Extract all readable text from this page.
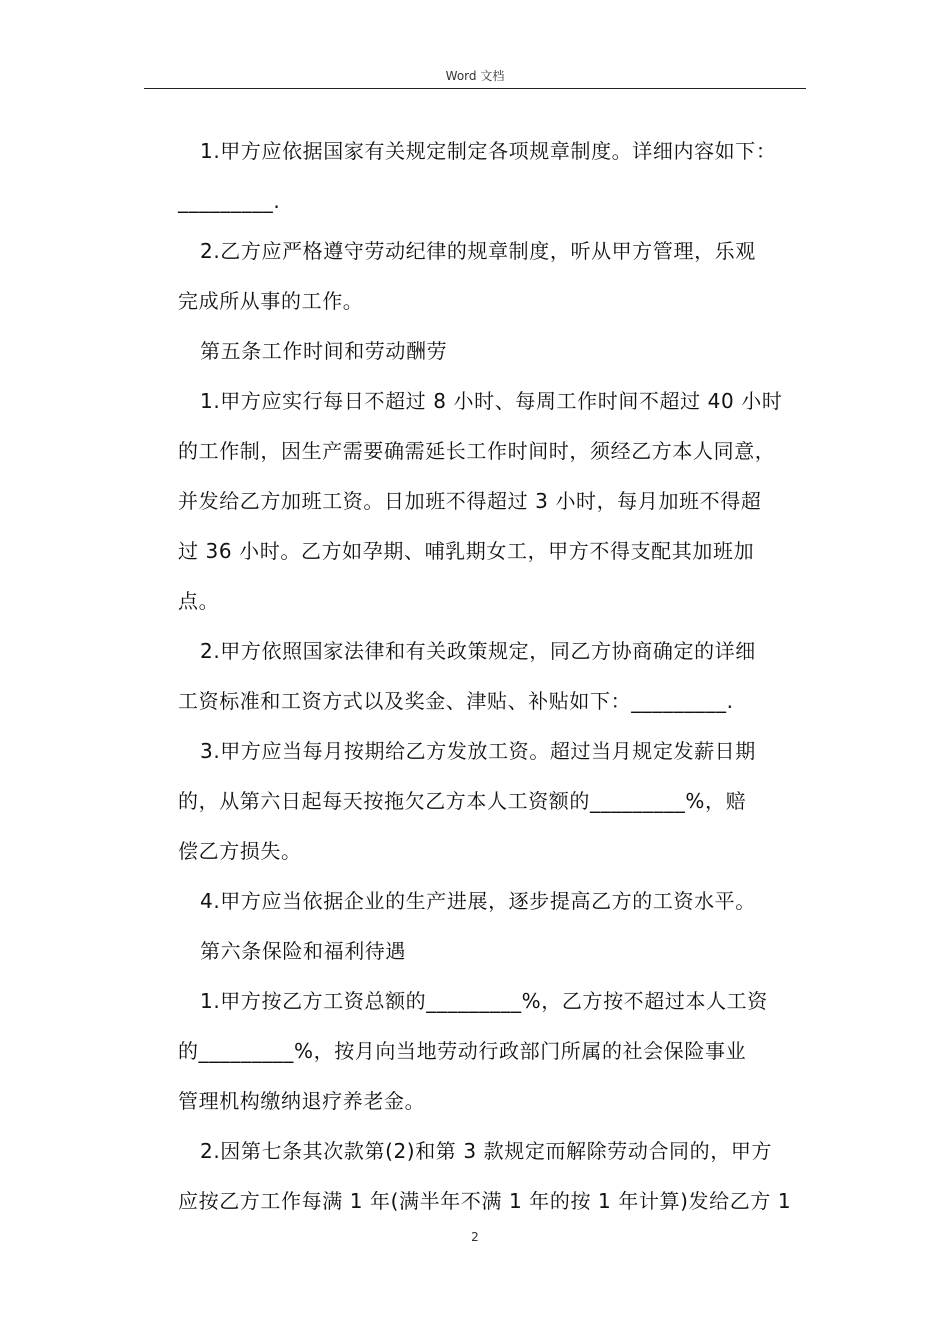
Word 文档
1.甲方应依据国家有关规定制定各项规章制度。详细内容如下：
_________.
2.乙方应严格遵守劳动纪律的规章制度，听从甲方管理，乐观
完成所从事的工作。
第五条工作时间和劳动酬劳
1.甲方应实行每日不超过 8 小时、每周工作时间不超过 40 小时
的工作制，因生产需要确需延长工作时间时，须经乙方本人同意，
并发给乙方加班工资。日加班不得超过 3 小时，每月加班不得超
过 36 小时。乙方如孕期、哺乳期女工，甲方不得支配其加班加
点。
2.甲方依照国家法律和有关政策规定，同乙方协商确定的详细
工资标准和工资方式以及奖金、津贴、补贴如下：_________.
3.甲方应当每月按期给乙方发放工资。超过当月规定发薪日期
的，从第六日起每天按拖欠乙方本人工资额的_________%，赔
偿乙方损失。
4.甲方应当依据企业的生产进展，逐步提高乙方的工资水平。
第六条保险和福利待遇
1.甲方按乙方工资总额的_________%，乙方按不超过本人工资
的_________%，按月向当地劳动行政部门所属的社会保险事业
管理机构缴纳退疗养老金。
2.因第七条其次款第(2)和第 3 款规定而解除劳动合同的，甲方
应按乙方工作每满 1 年(满半年不满 1 年的按 1 年计算)发给乙方 1
2
